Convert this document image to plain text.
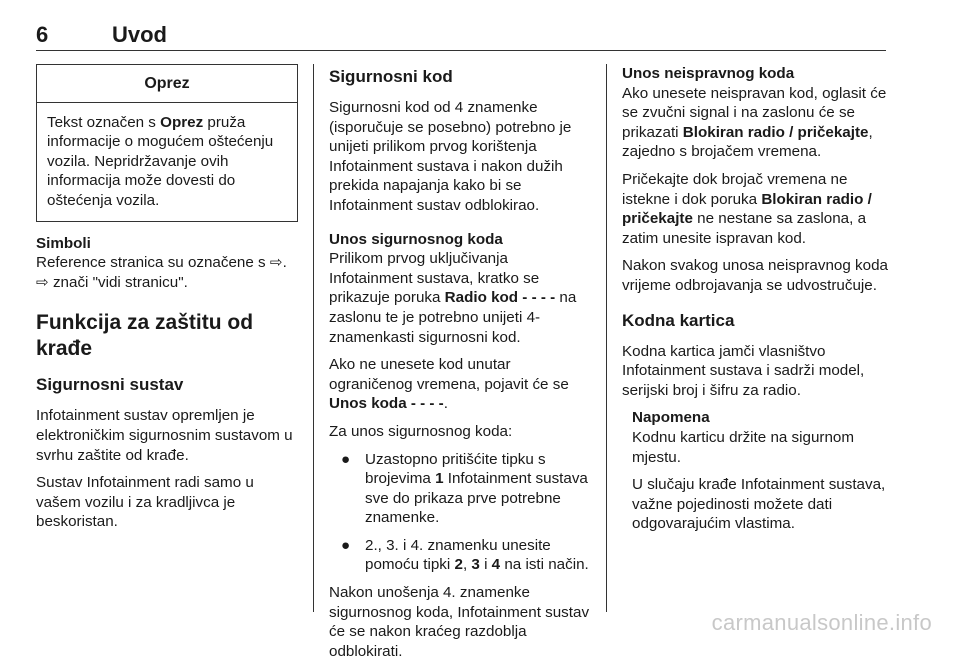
6	Uvod
Oprez
Tekst označen s Oprez pruža informacije o mogućem oštećenju vozila. Nepridržavanje ovih informacija može dovesti do oštećenja vozila.
Simboli

Reference stranica su označene s ⇨.
⇨ znači "vidi stranicu".

Funkcija za zaštitu od krađe
Sigurnosni sustav

Infotainment sustav opremljen je elektroničkim sigurnosnim sustavom u svrhu zaštite od krađe.

Sustav Infotainment radi samo u vašem vozilu i za kradljivca je beskoristan.

Sigurnosni kod

Sigurnosni kod od 4 znamenke (isporučuje se posebno) potrebno je unijeti prilikom prvog korištenja Infotainment sustava i nakon dužih prekida napajanja kako bi se Infotainment sustav odblokirao.

Unos sigurnosnog koda

Prilikom prvog uključivanja Infotainment sustava, kratko se prikazuje poruka Radio kod - - - - na zaslonu te je potrebno unijeti 4-znamenkasti sigurnosni kod.

Ako ne unesete kod unutar ograničenog vremena, pojavit će se Unos koda - - - -.

Za unos sigurnosnog koda:

● Uzastopno pritišćite tipku s brojevima 1 Infotainment sustava sve do prikaza prve potrebne znamenke.
● 2., 3. i 4. znamenku unesite pomoću tipki 2, 3 i 4 na isti način.

Nakon unošenja 4. znamenke sigurnosnog koda, Infotainment sustav će se nakon kraćeg razdoblja odblokirati.

Unos neispravnog koda

Ako unesete neispravan kod, oglasit će se zvučni signal i na zaslonu će se prikazati Blokiran radio / pričekajte, zajedno s brojačem vremena.

Pričekajte dok brojač vremena ne istekne i dok poruka Blokiran radio / pričekajte ne nestane sa zaslona, a zatim unesite ispravan kod.

Nakon svakog unosa neispravnog koda vrijeme odbrojavanja se udvostručuje.

Kodna kartica

Kodna kartica jamči vlasništvo Infotainment sustava i sadrži model, serijski broj i šifru za radio.

Napomena

Kodnu karticu držite na sigurnom mjestu.

U slučaju krađe Infotainment sustava, važne pojedinosti možete dati odgovarajućim vlastima.

carmanualsonline.info
